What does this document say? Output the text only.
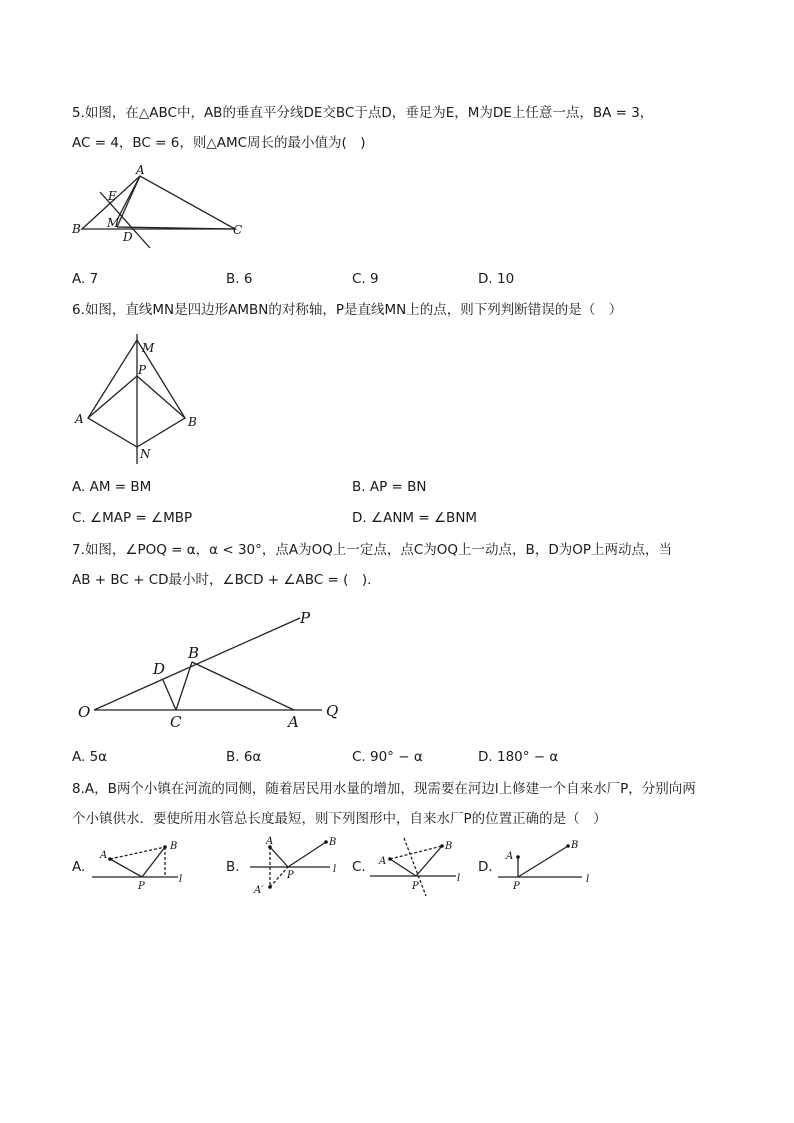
5.如图，在△ABC中，AB的垂直平分线DE交BC于点D，垂足为E，M为DE上任意一点，BA = 3，
AC = 4，BC = 6，则△AMC周长的最小值为(　)
A
B	C
D
E
M
A. 7	B. 6	C. 9	D. 10
6.如图，直线MN是四边形AMBN的对称轴，P是直线MN上的点，则下列判断错误的是（　）
M
P
A	B
N
A. AM = BM	B. AP = BN
C. ∠MAP = ∠MBP	D. ∠ANM = ∠BNM
7.如图，∠POQ = α，α < 30°，点A为OQ上一定点，点C为OQ上一动点，B，D为OP上两动点，当
AB + BC + CD最小时，∠BCD + ∠ABC = (　).
P
B
D
O
C	A
Q
A. 5α	B. 6α	C. 90° − α	D. 180° − α
8.A，B两个小镇在河流的同侧，随着居民用水量的增加，现需要在河边l上修建一个自来水厂P，分别向两
个小镇供水．要使所用水管总长度最短，则下列图形中，自来水厂P的位置正确的是（　）
A.	B.	C.	D.
A
B
P
l
A	B
P
l
A′
A
B
P
l
A
B
P
l
